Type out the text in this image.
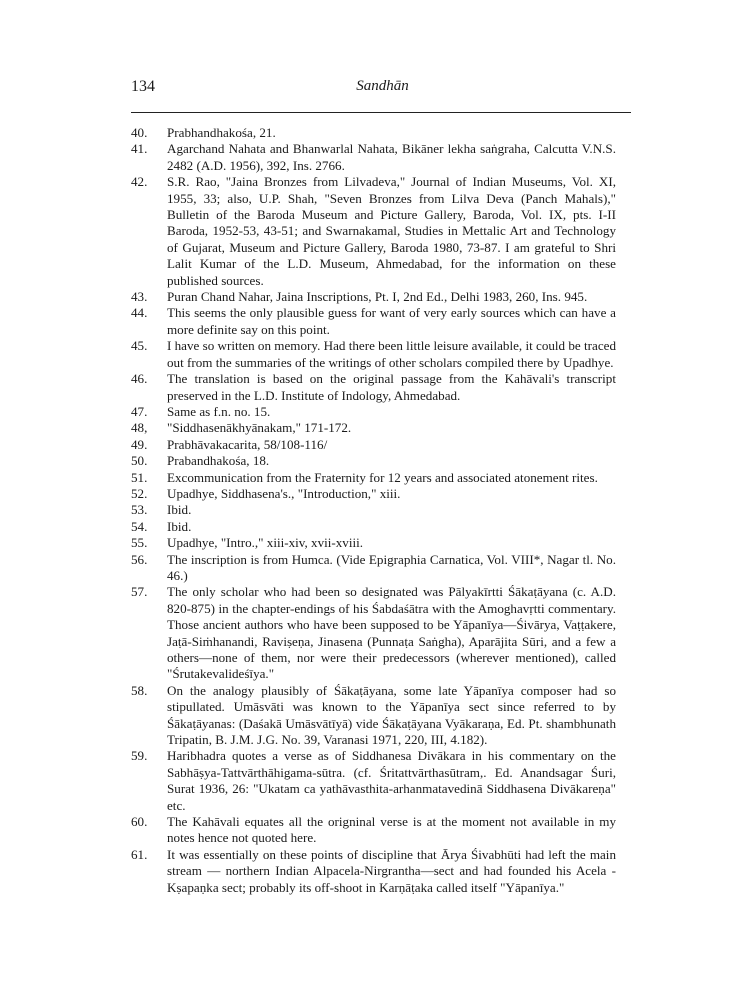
134	Sandhān
40.	Prabhandhakośa, 21.
41.	Agarchand Nahata and Bhanwarlal Nahata, Bikāner lekha saṅgraha, Calcutta V.N.S. 2482 (A.D. 1956), 392, Ins. 2766.
42.	S.R. Rao, "Jaina Bronzes from Lilvadeva," Journal of Indian Museums, Vol. XI, 1955, 33; also, U.P. Shah, "Seven Bronzes from Lilva Deva (Panch Mahals)," Bulletin of the Baroda Museum and Picture Gallery, Baroda, Vol. IX, pts. I-II Baroda, 1952-53, 43-51; and Swarnakamal, Studies in Mettalic Art and Technology of Gujarat, Museum and Picture Gallery, Baroda 1980, 73-87. I am grateful to Shri Lalit Kumar of the L.D. Museum, Ahmedabad, for the information on these published sources.
43.	Puran Chand Nahar, Jaina Inscriptions, Pt. I, 2nd Ed., Delhi 1983, 260, Ins. 945.
44.	This seems the only plausible guess for want of very early sources which can have a more definite say on this point.
45.	I have so written on memory. Had there been little leisure available, it could be traced out from the summaries of the writings of other scholars compiled there by Upadhye.
46.	The translation is based on the original passage from the Kahāvali's transcript preserved in the L.D. Institute of Indology, Ahmedabad.
47.	Same as f.n. no. 15.
48,	"Siddhasenākhyānakam," 171-172.
49.	Prabhāvakacarita, 58/108-116/
50.	Prabandhakośa, 18.
51.	Excommunication from the Fraternity for 12 years and associated atonement rites.
52.	Upadhye, Siddhasena's., "Introduction," xiii.
53.	Ibid.
54.	Ibid.
55.	Upadhye, "Intro.," xiii-xiv, xvii-xviii.
56.	The inscription is from Humca. (Vide Epigraphia Carnatica, Vol. VIII*, Nagar tl. No. 46.)
57.	The only scholar who had been so designated was Pālyakīrtti Śākaṭāyana (c. A.D. 820-875) in the chapter-endings of his Śabdaśātra with the Amoghavṛtti commentary. Those ancient authors who have been supposed to be Yāpanīya—Śivārya, Vaṭṭakere, Jaṭā-Siṁhanandi, Raviṣeṇa, Jinasena (Punnaṭa Saṅgha), Aparājita Sūri, and a few a others—none of them, nor were their predecessors (wherever mentioned), called "Śrutakevalideśīya."
58.	On the analogy plausibly of Śākaṭāyana, some late Yāpanīya composer had so stipullated. Umāsvāti was known to the Yāpanīya sect since referred to by Śākaṭāyanas: (Daśakā Umāsvātīyā) vide Śākaṭāyana Vyākaraṇa, Ed. Pt. shambhunath Tripatin, B. J.M. J.G. No. 39, Varanasi 1971, 220, III, 4.182).
59.	Haribhadra quotes a verse as of Siddhanesa Divākara in his commentary on the Sabhāṣya-Tattvārthāhigama-sūtra. (cf. Śritattvārthasūtram,. Ed. Anandsagar Śuri, Surat 1936, 26: "Ukatam ca yathāvasthita-arhanmatavedinā Siddhasena Divākareṇa" etc.
60.	The Kahāvali equates all the origninal verse is at the moment not available in my notes hence not quoted here.
61.	It was essentially on these points of discipline that Ārya Śivabhūti had left the main stream — northern Indian Alpacela-Nirgrantha—sect and had founded his Acela - Kṣapaṇka sect; probably its off-shoot in Karṇāṭaka called itself "Yāpanīya."
